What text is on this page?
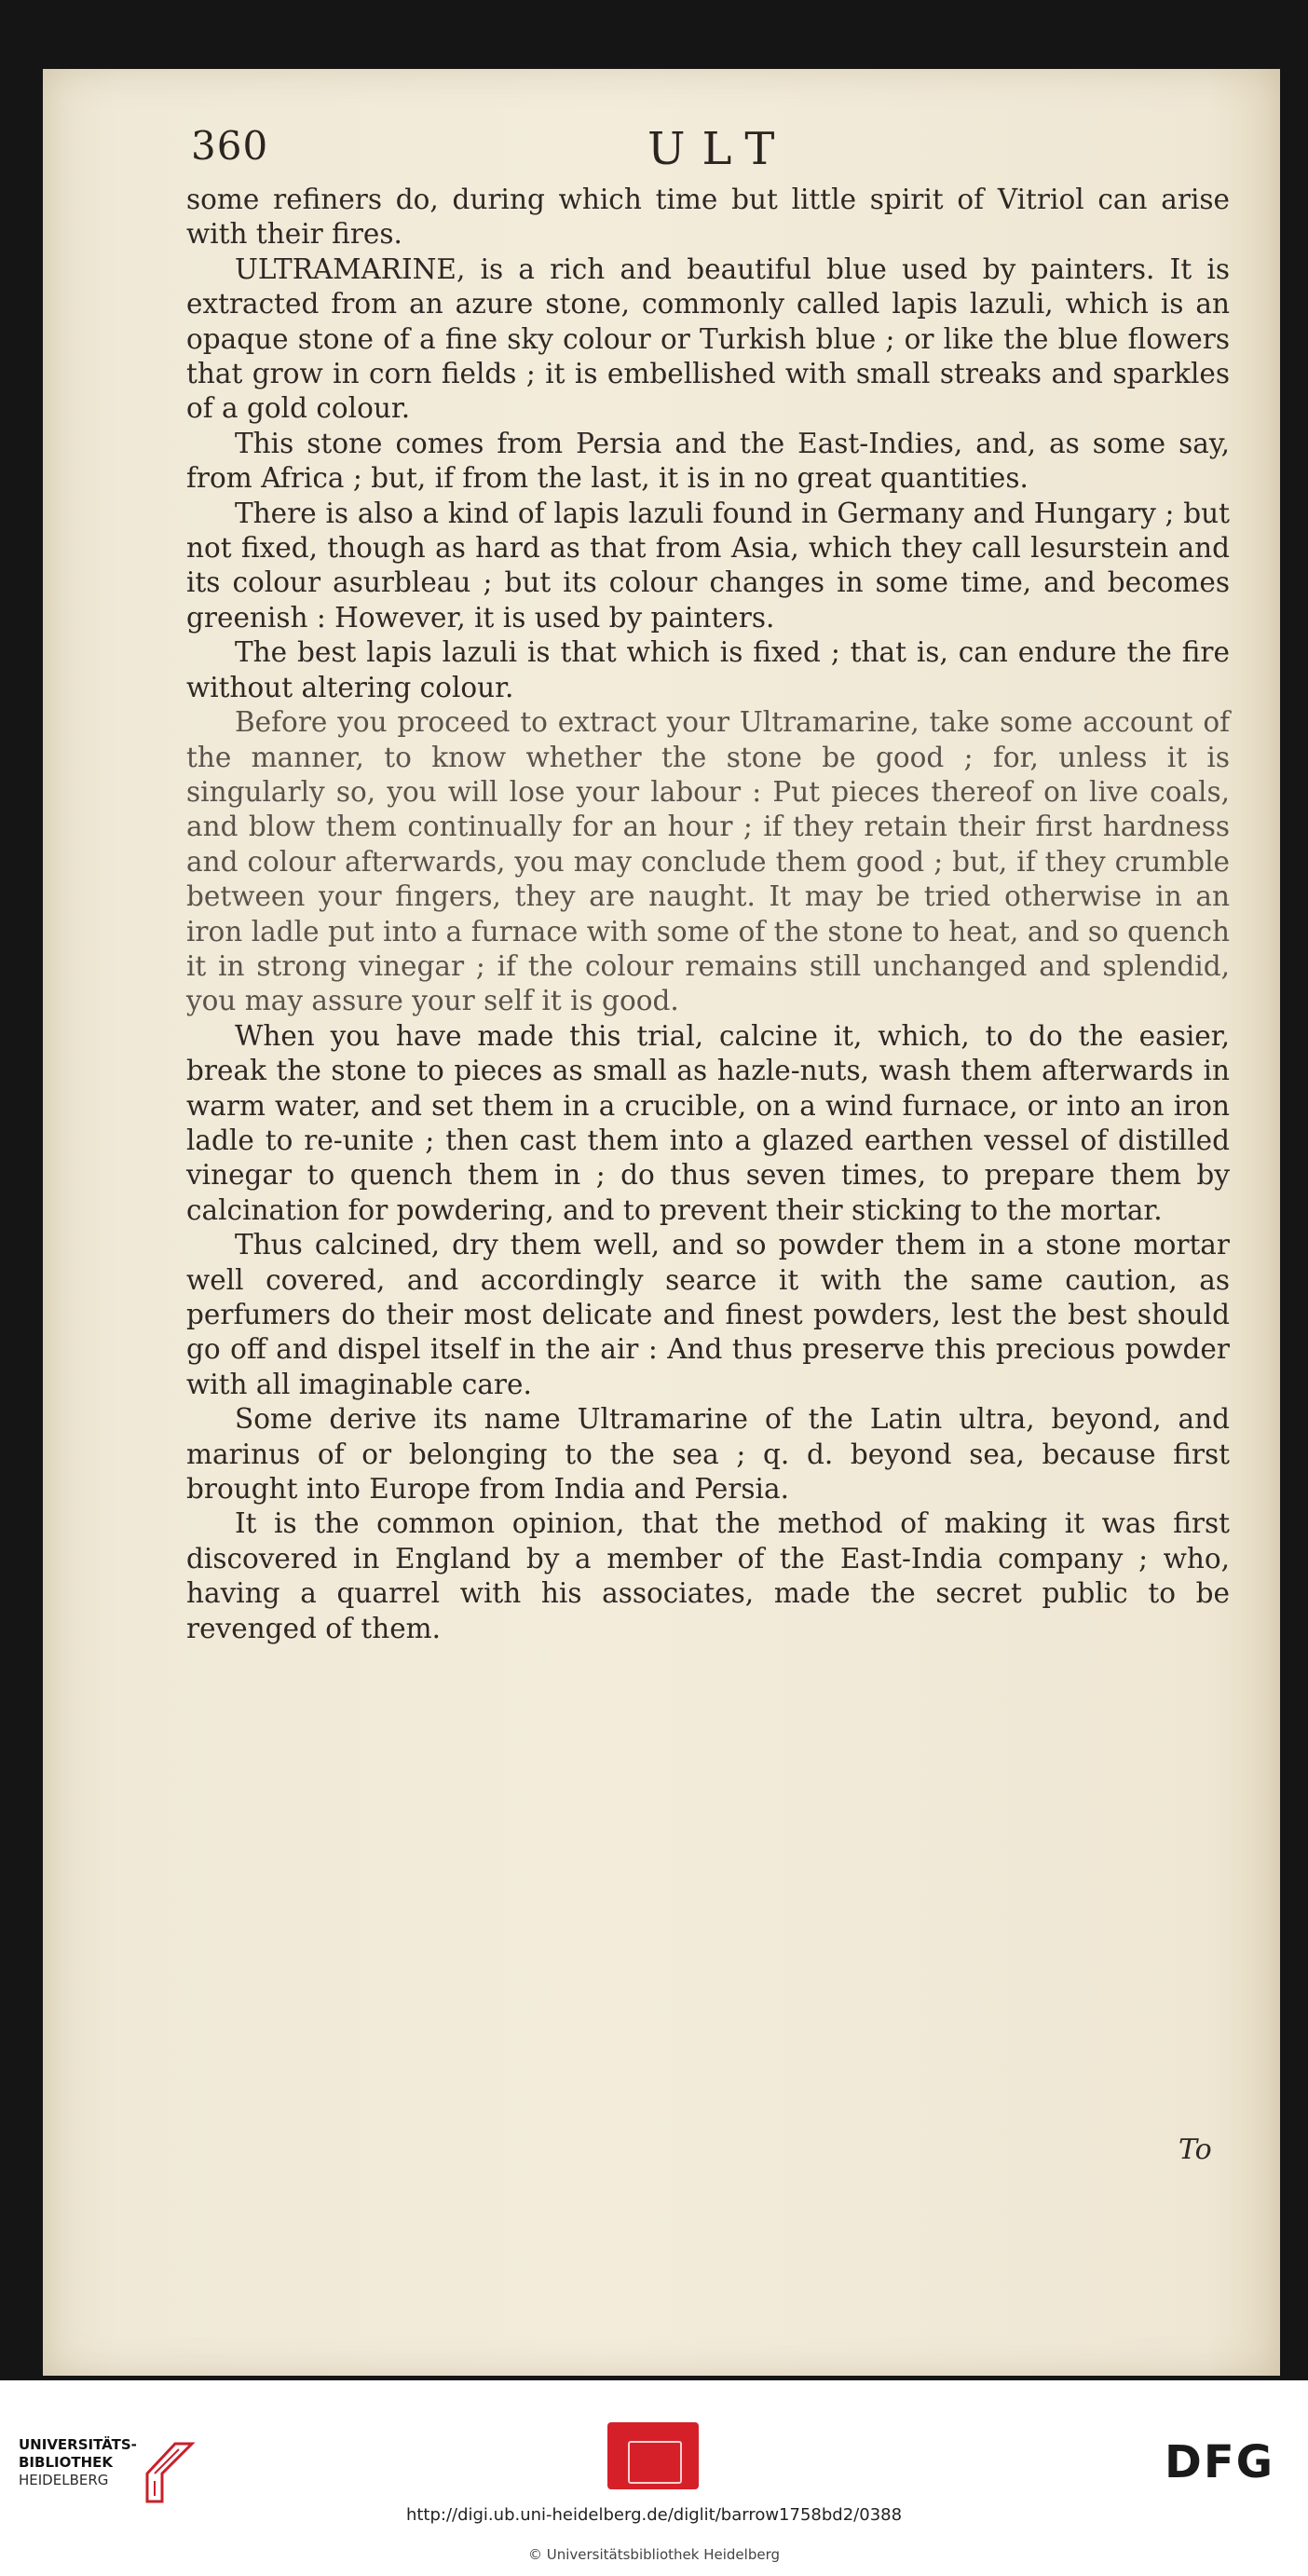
360	ULT

some refiners do, during which time but little spirit of Vitriol can arise with their fires.

ULTRAMARINE, is a rich and beautiful blue used by painters. It is extracted from an azure stone, commonly called lapis lazuli, which is an opaque stone of a fine sky colour or Turkish blue ; or like the blue flowers that grow in corn fields ; it is embellished with small streaks and sparkles of a gold colour.

This stone comes from Persia and the East-Indies, and, as some say, from Africa ; but, if from the last, it is in no great quantities.

There is also a kind of lapis lazuli found in Germany and Hungary ; but not fixed, though as hard as that from Asia, which they call lesurstein and its colour asurbleau ; but its colour changes in some time, and becomes greenish : However, it is used by painters.

The best lapis lazuli is that which is fixed ; that is, can endure the fire without altering colour.

Before you proceed to extract your Ultramarine, take some account of the manner, to know whether the stone be good ; for, unless it is singularly so, you will lose your labour : Put pieces thereof on live coals, and blow them continually for an hour ; if they retain their first hardness and colour afterwards, you may conclude them good ; but, if they crumble between your fingers, they are naught. It may be tried otherwise in an iron ladle put into a furnace with some of the stone to heat, and so quench it in strong vinegar ; if the colour remains still unchanged and splendid, you may assure your self it is good.

When you have made this trial, calcine it, which, to do the easier, break the stone to pieces as small as hazle-nuts, wash them afterwards in warm water, and set them in a crucible, on a wind furnace, or into an iron ladle to re-unite ; then cast them into a glazed earthen vessel of distilled vinegar to quench them in ; do thus seven times, to prepare them by calcination for powdering, and to prevent their sticking to the mortar.

Thus calcined, dry them well, and so powder them in a stone mortar well covered, and accordingly searce it with the same caution, as perfumers do their most delicate and finest powders, lest the best should go off and dispel itself in the air : And thus preserve this precious powder with all imaginable care.

Some derive its name Ultramarine of the Latin ultra, beyond, and marinus of or belonging to the sea ; q. d. beyond sea, because first brought into Europe from India and Persia.

It is the common opinion, that the method of making it was first discovered in England by a member of the East-India company ; who, having a quarrel with his associates, made the secret public to be revenged of them.

To
UNIVERSITÄTS-
BIBLIOTHEK
HEIDELBERG	DFG
http://digi.ub.uni-heidelberg.de/diglit/barrow1758bd2/0388
© Universitätsbibliothek Heidelberg
